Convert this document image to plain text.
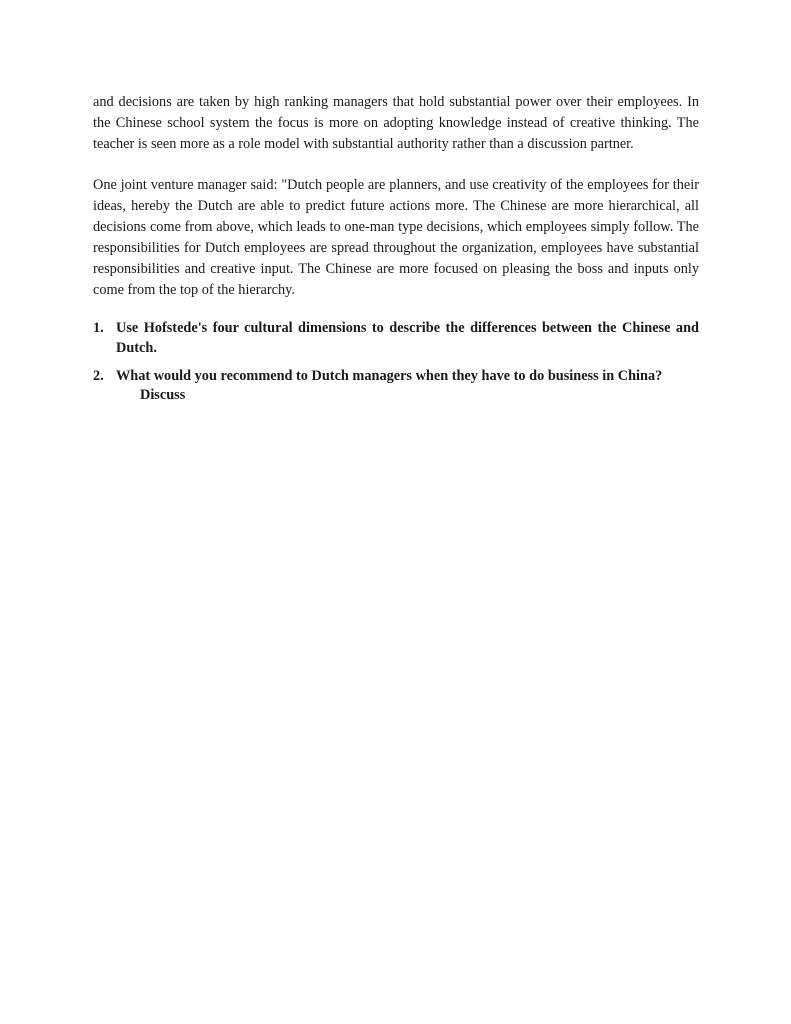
and decisions are taken by high ranking managers that hold substantial power over their employees. In the Chinese school system the focus is more on adopting knowledge instead of creative thinking. The teacher is seen more as a role model with substantial authority rather than a discussion partner.

One joint venture manager said: "Dutch people are planners, and use creativity of the employees for their ideas, hereby the Dutch are able to predict future actions more. The Chinese are more hierarchical, all decisions come from above, which leads to one-man type decisions, which employees simply follow. The responsibilities for Dutch employees are spread throughout the organization, employees have substantial responsibilities and creative input. The Chinese are more focused on pleasing the boss and inputs only come from the top of the hierarchy.

1. Use Hofstede's four cultural dimensions to describe the differences between the Chinese and Dutch.
2. What would you recommend to Dutch managers when they have to do business in China?
Discuss
